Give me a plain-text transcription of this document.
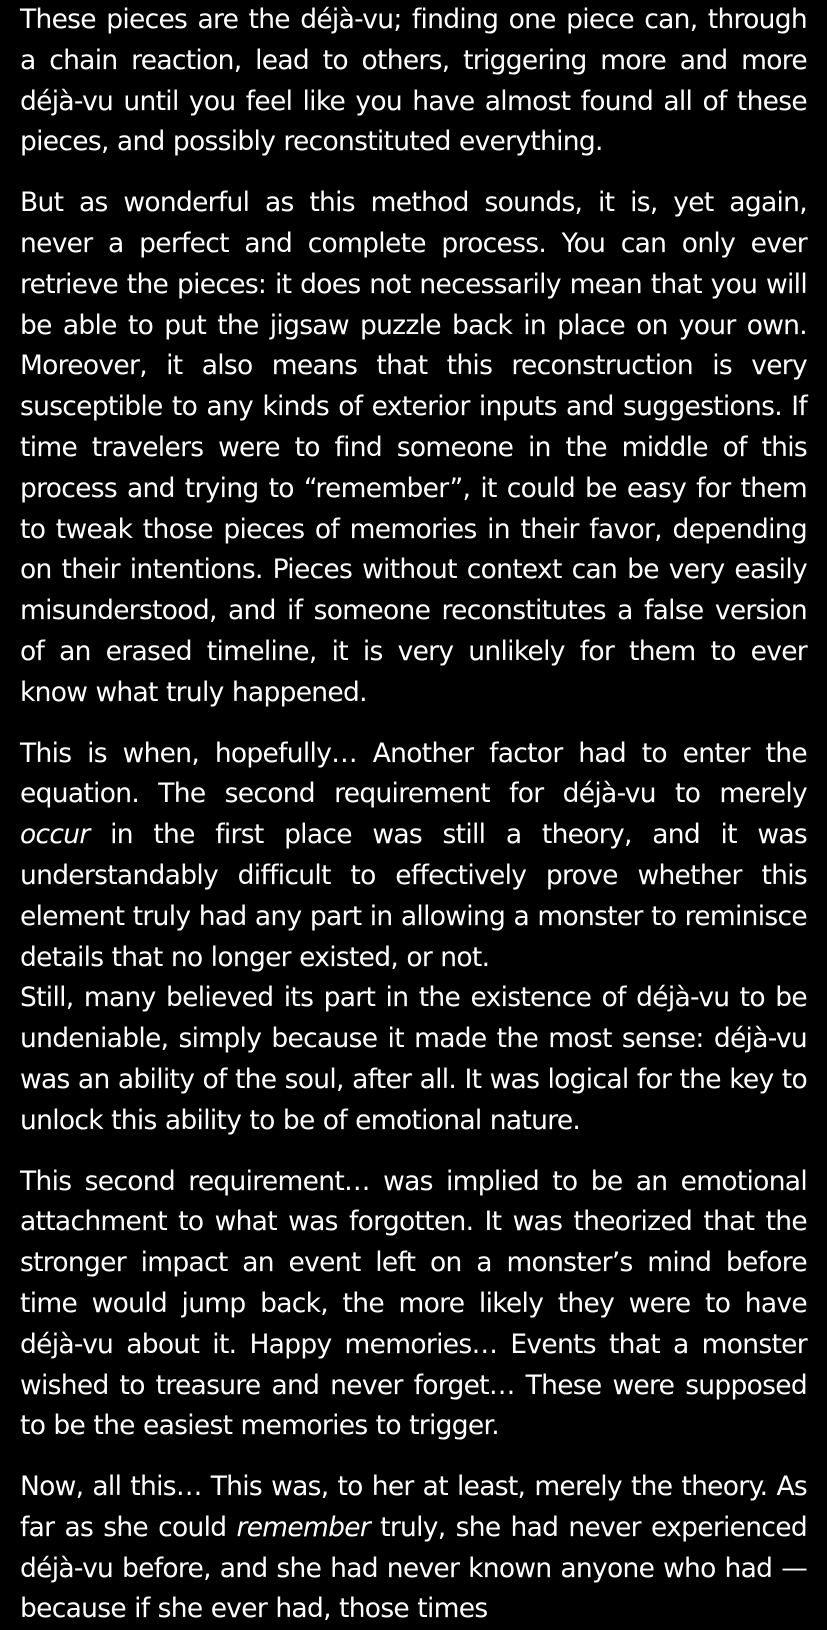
These pieces are the déjà-vu; finding one piece can, through a chain reaction, lead to others, triggering more and more déjà-vu until you feel like you have almost found all of these pieces, and possibly reconstituted everything.

But as wonderful as this method sounds, it is, yet again, never a perfect and complete process. You can only ever retrieve the pieces: it does not necessarily mean that you will be able to put the jigsaw puzzle back in place on your own. Moreover, it also means that this reconstruction is very susceptible to any kinds of exterior inputs and suggestions. If time travelers were to find someone in the middle of this process and trying to “remember”, it could be easy for them to tweak those pieces of memories in their favor, depending on their intentions. Pieces without context can be very easily misunderstood, and if someone reconstitutes a false version of an erased timeline, it is very unlikely for them to ever know what truly happened.

This is when, hopefully… Another factor had to enter the equation. The second requirement for déjà-vu to merely occur in the first place was still a theory, and it was understandably difficult to effectively prove whether this element truly had any part in allowing a monster to reminisce details that no longer existed, or not.

Still, many believed its part in the existence of déjà-vu to be undeniable, simply because it made the most sense: déjà-vu was an ability of the soul, after all. It was logical for the key to unlock this ability to be of emotional nature.

This second requirement… was implied to be an emotional attachment to what was forgotten. It was theorized that the stronger impact an event left on a monster’s mind before time would jump back, the more likely they were to have déjà-vu about it. Happy memories… Events that a monster wished to treasure and never forget… These were supposed to be the easiest memories to trigger.

Now, all this… This was, to her at least, merely the theory. As far as she could remember truly, she had never experienced déjà-vu before, and she had never known anyone who had — because if she ever had, those times
